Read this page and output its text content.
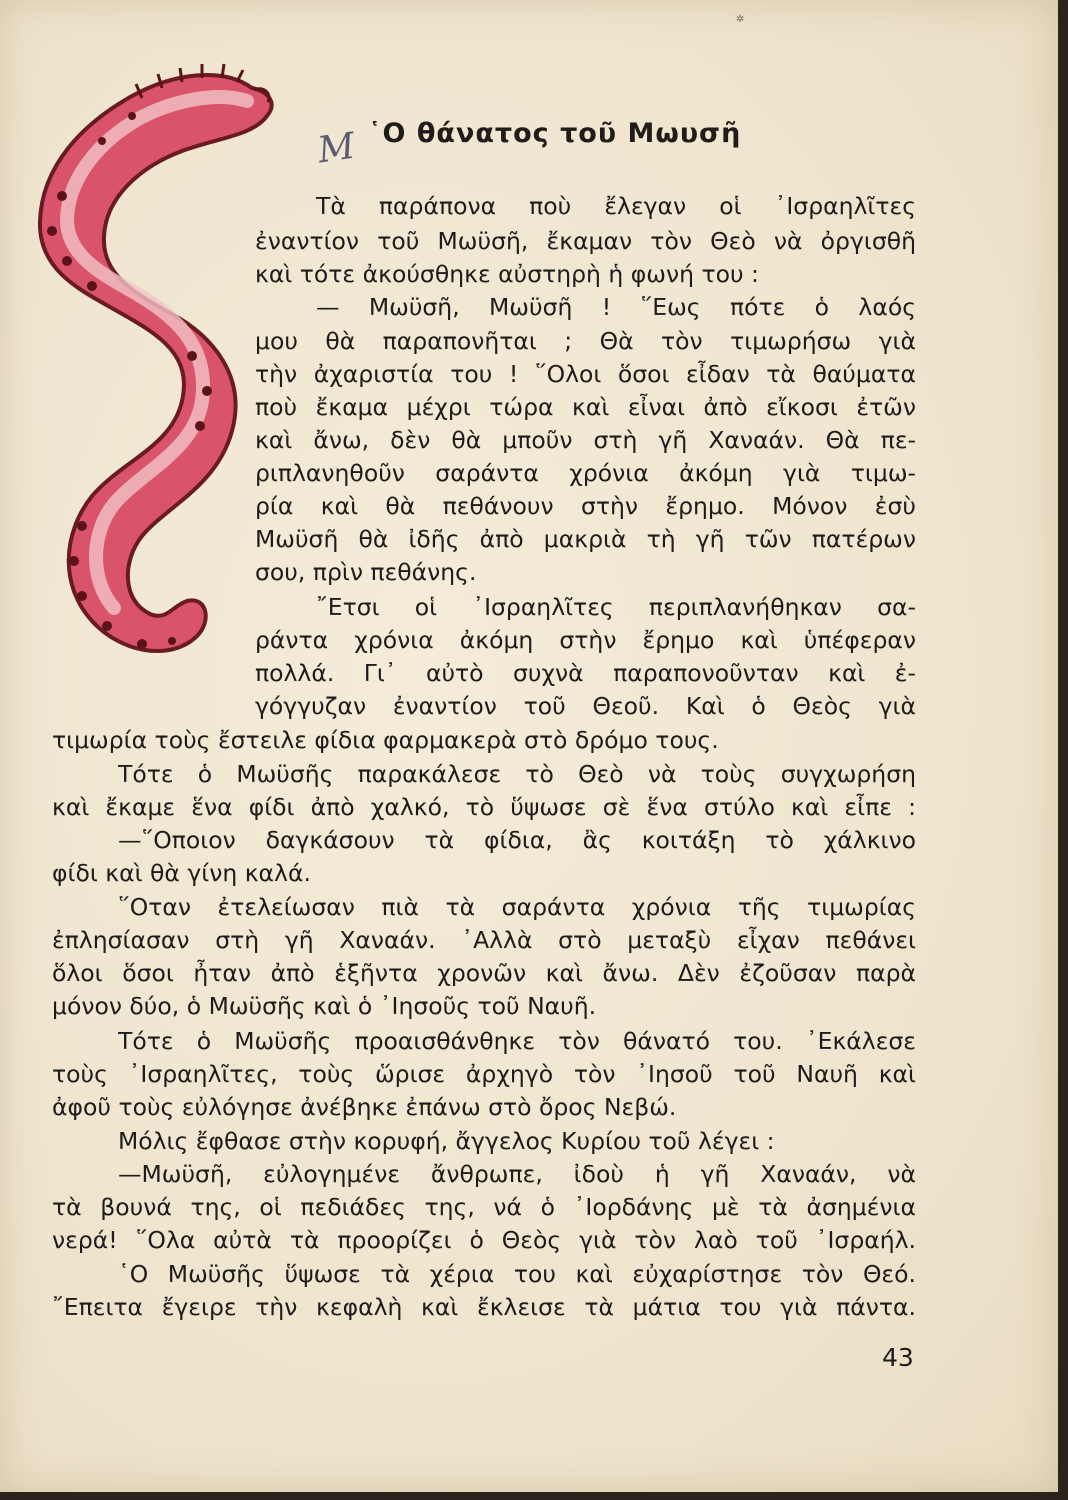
✲
Μ ῾Ο θάνατος τοῦ Μωυσῆ
Τὰ παράπονα ποὺ ἔλεγαν οἱ ᾿Ισραηλῖτες
ἐναντίον τοῦ Μωϋσῆ, ἔκαμαν τὸν Θεὸ νὰ ὀργισθῆ
καὶ τότε ἀκούσθηκε αὐστηρὴ ἡ φωνή του :
— Μωϋσῆ, Μωϋσῆ ! ῞Εως πότε ὁ λαός
μου θὰ παραπονῆται ; Θὰ τὸν τιμωρήσω γιὰ
τὴν ἀχαριστία του ! ῞Ολοι ὅσοι εἶδαν τὰ θαύματα
ποὺ ἔκαμα μέχρι τώρα καὶ εἶναι ἀπὸ εἴκοσι ἐτῶν
καὶ ἄνω, δὲν θὰ μποῦν στὴ γῆ Χαναάν. Θὰ πε-
ριπλανηθοῦν σαράντα χρόνια ἀκόμη γιὰ τιμω-
ρία καὶ θὰ πεθάνουν στὴν ἔρημο. Μόνον ἐσὺ
Μωϋσῆ θὰ ἰδῆς ἀπὸ μακριὰ τὴ γῆ τῶν πατέρων
σου, πρὶν πεθάνης.
῎Ετσι οἱ ᾿Ισραηλῖτες περιπλανήθηκαν σα-
ράντα χρόνια ἀκόμη στὴν ἔρημο καὶ ὑπέφεραν
πολλά. Γι᾿ αὐτὸ συχνὰ παραπονοῦνταν καὶ ἐ-
γόγγυζαν ἐναντίον τοῦ Θεοῦ. Καὶ ὁ Θεὸς γιὰ
τιμωρία τοὺς ἔστειλε φίδια φαρμακερὰ στὸ δρόμο τους.
Τότε ὁ Μωϋσῆς παρακάλεσε τὸ Θεὸ νὰ τοὺς συγχωρήση
καὶ ἔκαμε ἕνα φίδι ἀπὸ χαλκό, τὸ ὕψωσε σὲ ἕνα στύλο καὶ εἶπε :
—῞Οποιον δαγκάσουν τὰ φίδια, ἂς κοιτάξη τὸ χάλκινο
φίδι καὶ θὰ γίνη καλά.
῞Οταν ἐτελείωσαν πιὰ τὰ σαράντα χρόνια τῆς τιμωρίας
ἐπλησίασαν στὴ γῆ Χαναάν. ᾿Αλλὰ στὸ μεταξὺ εἶχαν πεθάνει
ὅλοι ὅσοι ἦταν ἀπὸ ἑξῆντα χρονῶν καὶ ἄνω. Δὲν ἐζοῦσαν παρὰ
μόνον δύο, ὁ Μωϋσῆς καὶ ὁ ᾿Ιησοῦς τοῦ Ναυῆ.
Τότε ὁ Μωϋσῆς προαισθάνθηκε τὸν θάνατό του. ᾿Εκάλεσε
τοὺς ᾿Ισραηλῖτες, τοὺς ὥρισε ἀρχηγὸ τὸν ᾿Ιησοῦ τοῦ Ναυῆ καὶ
ἀφοῦ τοὺς εὐλόγησε ἀνέβηκε ἐπάνω στὸ ὄρος Νεβώ.
Μόλις ἔφθασε στὴν κορυφή, ἄγγελος Κυρίου τοῦ λέγει :
—Μωϋσῆ, εὐλογημένε ἄνθρωπε, ἰδοὺ ἡ γῆ Χαναάν, νὰ
τὰ βουνά της, οἱ πεδιάδες της, νά ὁ ᾿Ιορδάνης μὲ τὰ ἀσημένια
νερά! ῞Ολα αὐτὰ τὰ προορίζει ὁ Θεὸς γιὰ τὸν λαὸ τοῦ ᾿Ισραήλ.
῾Ο Μωϋσῆς ὕψωσε τὰ χέρια του καὶ εὐχαρίστησε τὸν Θεό.
῎Επειτα ἔγειρε τὴν κεφαλὴ καὶ ἔκλεισε τὰ μάτια του γιὰ πάντα.
43
